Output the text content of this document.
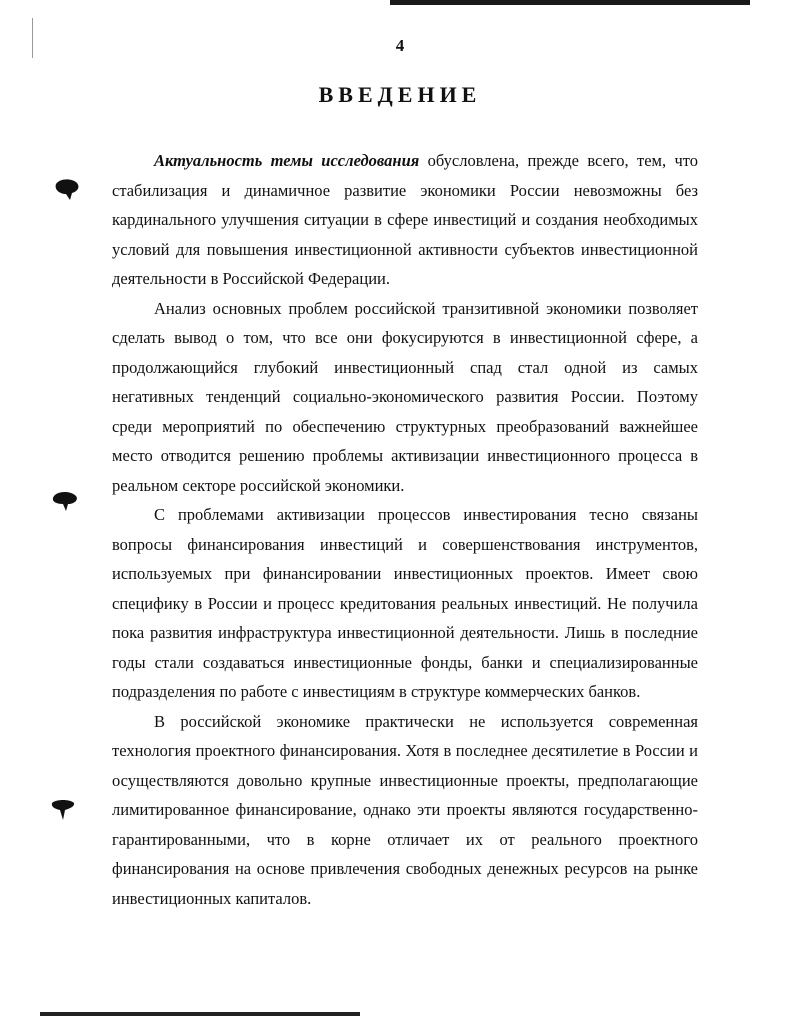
4
ВВЕДЕНИЕ

Актуальность темы исследования обусловлена, прежде всего, тем, что стабилизация и динамичное развитие экономики России невозможны без кардинального улучшения ситуации в сфере инвестиций и создания необходимых условий для повышения инвестиционной активности субъектов инвестиционной деятельности в Российской Федерации.

Анализ основных проблем российской транзитивной экономики позволяет сделать вывод о том, что все они фокусируются в инвестиционной сфере, а продолжающийся глубокий инвестиционный спад стал одной из самых негативных тенденций социально-экономического развития России. Поэтому среди мероприятий по обеспечению структурных преобразований важнейшее место отводится решению проблемы активизации инвестиционного процесса в реальном секторе российской экономики.

С проблемами активизации процессов инвестирования тесно связаны вопросы финансирования инвестиций и совершенствования инструментов, используемых при финансировании инвестиционных проектов. Имеет свою специфику в России и процесс кредитования реальных инвестиций. Не получила пока развития инфраструктура инвестиционной деятельности. Лишь в последние годы стали создаваться инвестиционные фонды, банки и специализированные подразделения по работе с инвестициям в структуре коммерческих банков.

В российской экономике практически не используется современная технология проектного финансирования. Хотя в последнее десятилетие в России и осуществляются довольно крупные инвестиционные проекты, предполагающие лимитированное финансирование, однако эти проекты являются государственно-гарантированными, что в корне отличает их от реального проектного финансирования на основе привлечения свободных денежных ресурсов на рынке инвестиционных капиталов.
